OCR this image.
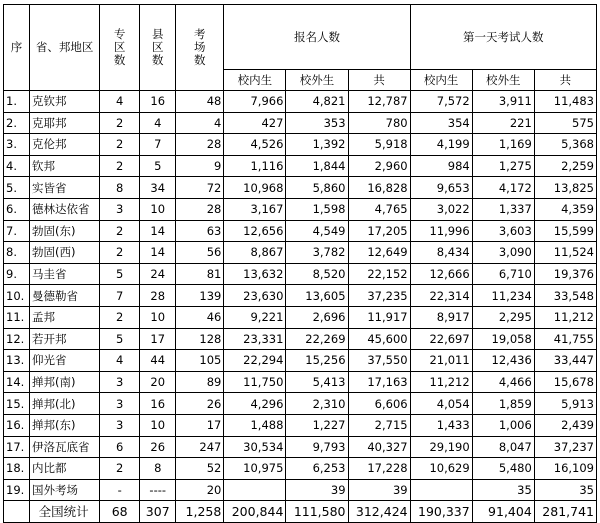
序	省、邦地区	专区数	县区数	考场数	报名人数			第一天考试人数		
					校内生	校外生	共	校内生	校外生	共
1.	克钦邦	4	16	48	7,966	4,821	12,787	7,572	3,911	11,483
2.	克耶邦	2	4	4	427	353	780	354	221	575
3.	克伦邦	2	7	28	4,526	1,392	5,918	4,199	1,169	5,368
4.	钦邦	2	5	9	1,116	1,844	2,960	984	1,275	2,259
5.	实皆省	8	34	72	10,968	5,860	16,828	9,653	4,172	13,825
6.	德林达依省	3	10	28	3,167	1,598	4,765	3,022	1,337	4,359
7.	勃固(东)	2	14	63	12,656	4,549	17,205	11,996	3,603	15,599
8.	勃固(西)	2	14	56	8,867	3,782	12,649	8,434	3,090	11,524
9.	马圭省	5	24	81	13,632	8,520	22,152	12,666	6,710	19,376
10.	曼德勒省	7	28	139	23,630	13,605	37,235	22,314	11,234	33,548
11.	孟邦	2	10	46	9,221	2,696	11,917	8,917	2,295	11,212
12.	若开邦	5	17	128	23,331	22,269	45,600	22,697	19,058	41,755
13.	仰光省	4	44	105	22,294	15,256	37,550	21,011	12,436	33,447
14.	掸邦(南)	3	20	89	11,750	5,413	17,163	11,212	4,466	15,678
15.	掸邦(北)	3	16	26	4,296	2,310	6,606	4,054	1,859	5,913
16.	掸邦(东)	3	10	17	1,488	1,227	2,715	1,433	1,006	2,439
17.	伊洛瓦底省	6	26	247	30,534	9,793	40,327	29,190	8,047	37,237
18.	内比都	2	8	52	10,975	6,253	17,228	10,629	5,480	16,109
19.	国外考场	-	----	20		39	39		35	35
	全国统计	68	307	1,258	200,844	111,580	312,424	190,337	91,404	281,741
